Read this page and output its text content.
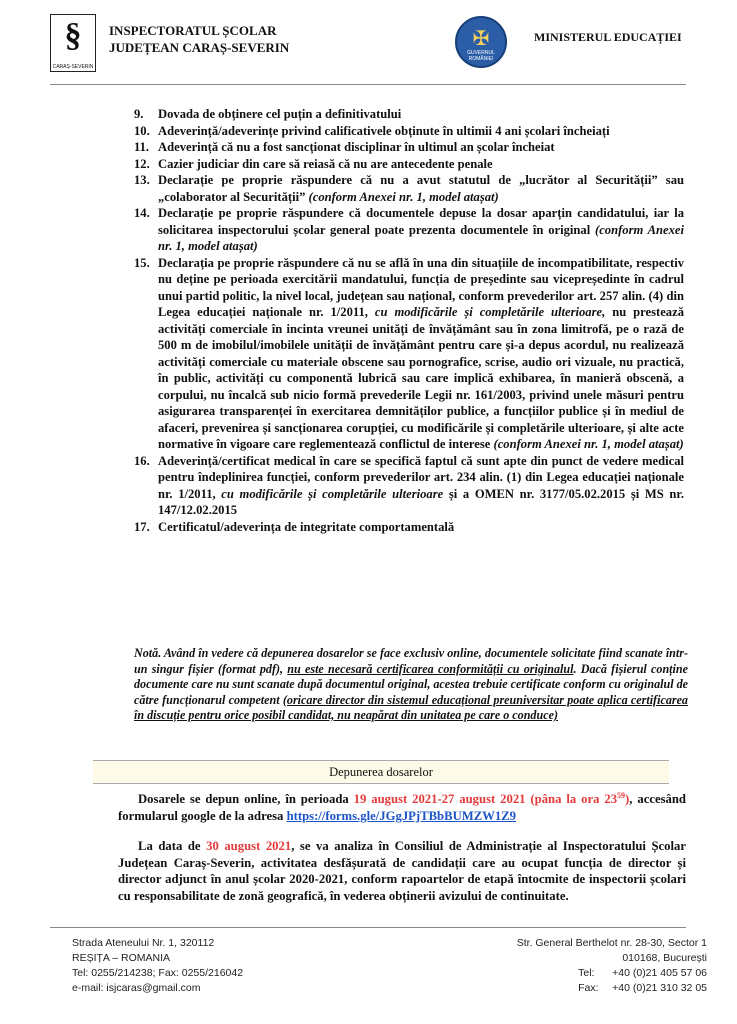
§
CARAȘ-SEVERIN
INSPECTORATUL ȘCOLAR
JUDEȚEAN CARAȘ-SEVERIN	✠
GUVERNUL ROMÂNIEI
MINISTERUL EDUCAȚIEI
9. Dovada de obținere cel puțin a definitivatului
10. Adeverință/adeverințe privind calificativele obținute în ultimii 4 ani școlari încheiați
11. Adeverință că nu a fost sancționat disciplinar în ultimul an școlar încheiat
12. Cazier judiciar din care să reiasă că nu are antecedente penale
13. Declarație pe proprie răspundere că nu a avut statutul de „lucrător al Securității” sau „colaborator al Securității” (conform Anexei nr. 1, model atașat)
14. Declarație pe proprie răspundere că documentele depuse la dosar aparțin candidatului, iar la solicitarea inspectorului școlar general poate prezenta documentele în original (conform Anexei nr. 1, model atașat)
15. Declarația pe proprie răspundere că nu se află în una din situațiile de incompatibilitate, respectiv nu deține pe perioada exercitării mandatului, funcția de președinte sau vicepreședinte în cadrul unui partid politic, la nivel local, județean sau național, conform prevederilor art. 257 alin. (4) din Legea educației naționale nr. 1/2011, cu modificările și completările ulterioare, nu prestează activități comerciale în incinta vreunei unități de învățământ sau în zona limitrofă, pe o rază de 500 m de imobilul/imobilele unității de învățământ pentru care și-a depus acordul, nu realizează activități comerciale cu materiale obscene sau pornografice, scrise, audio ori vizuale, nu practică, în public, activități cu componentă lubrică sau care implică exhibarea, în manieră obscenă, a corpului, nu încalcă sub nicio formă prevederile Legii nr. 161/2003, privind unele măsuri pentru asigurarea transparenței în exercitarea demnităților publice, a funcțiilor publice și în mediul de afaceri, prevenirea și sancționarea corupției, cu modificările și completările ulterioare, și alte acte normative în vigoare care reglementează conflictul de interese (conform Anexei nr. 1, model atașat)
16. Adeverință/certificat medical în care se specifică faptul că sunt apte din punct de vedere medical pentru îndeplinirea funcției, conform prevederilor art. 234 alin. (1) din Legea educației naționale nr. 1/2011, cu modificările și completările ulterioare și a OMEN nr. 3177/05.02.2015 și MS nr. 147/12.02.2015
17. Certificatul/adeverința de integritate comportamentală
Notă. Având în vedere că depunerea dosarelor se face exclusiv online, documentele solicitate fiind scanate într-un singur fișier (format pdf), nu este necesară certificarea conformității cu originalul. Dacă fișierul conține documente care nu sunt scanate după documentul original, acestea trebuie certificate conform cu originalul de către funcționarul competent (oricare director din sistemul educațional preuniversitar poate aplica certificarea în discuție pentru orice posibil candidat, nu neapărat din unitatea pe care o conduce)
Depunerea dosarelor
Dosarele se depun online, în perioada 19 august 2021-27 august 2021 (pâna la ora $23^{59}$), accesând formularul google de la adresa https://forms.gle/JGgJPjTBbBUMZW1Z9
La data de 30 august 2021, se va analiza în Consiliul de Administrație al Inspectoratului Școlar Județean Caraș-Severin, activitatea desfășurată de candidații care au ocupat funcția de director și director adjunct în anul școlar 2020-2021, conform rapoartelor de etapă întocmite de inspectorii școlari cu responsabilitate de zonă geografică, în vederea obținerii avizului de continuitate.
Strada Ateneului Nr. 1, 320112
REȘIȚA – ROMANIA
Tel: 0255/214238; Fax: 0255/216042
e-mail: isjcaras@gmail.com
Str. General Berthelot nr. 28-30, Sector 1
010168, București
Tel: +40 (0)21 405 57 06
Fax: +40 (0)21 310 32 05
